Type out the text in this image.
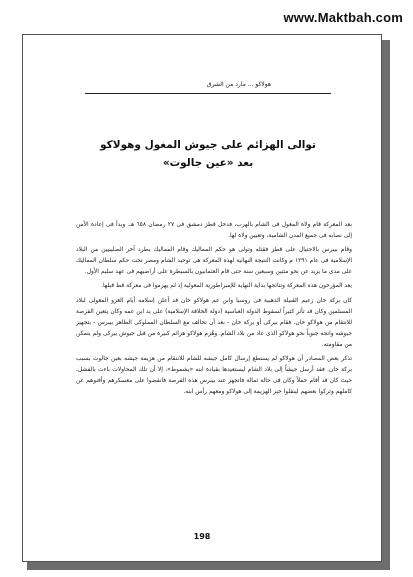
www.Maktbah.com
هولاكو ... مارد من الشرق
توالى الهزائم على جيوش المغول وهولاكو
بعد «عين جالوت»

بعد المعركة قام ولاة المغول فى الشام بالهرب، فدخل قطز دمشق فى ٢٧ رمضان ٦٥٨ هـ. وبدأ فى إعادة الأمن إلى نصابه فى جميع المدن الشامية، وتعيين ولاة لها.

وقام بيبرس بالاحتيال على قطز فقتله وتولى هو حكم المماليك وقام المماليك بطرد آخر الصليبيين من البلاد الإسلامية فى عام ١٢٩١ م وكانت النتيجة النهائية لهذه المعركة هى توحيد الشام ومصر تحت حكم سلطان المماليك على مدى ما يزيد عن نحو مئتين وسبعين سنة حتى قام العثمانيون بالسيطرة على أراضيهم فى عهد سليم الأول.

يعد المؤرخون هذه المعركة ونتائجها بداية النهاية للإمبراطورية المغولية إذ لم يهزموا فى معركة قط قبلها.

كان بركة خان زعيم القبيلة الذهبية فى روسيا وابن عم هولاكو خان قد أعلن إسلامه أيام الغزو المغولى لبلاد المسلمين وكان قد تأثر كثيراً لسقوط الدولة العباسية (دولة الخلافة الإسلامية) على يد ابن عمه وكان يتعين الفرصة للانتقام من هولاكو خان. فقام بيركى أو بركة خان - بعد أن تحالف مع السلطان المملوكى الظاهر بيبرس - بتجهيز جيوشه واتجه جنوباً نحو هولاكو الذى عاد من بلاد الشام. وهُزم هولاكو هزائم كبيرة من قبل جيوش بيركى ولم يتمكن من مقاومته.

تذكر بعض المصادر أن هولاكو لم يستطع إرسال كامل جيشه للشام للانتقام من هزيمة جيشه بعين جالوت بسبب بركة خان. فقد أرسل جيشاً إلى بلاد الشام ليستعيدها بقيادة ابنه «يشموط»، إلا أن تلك المحاولات باءت بالفشل. حيث كان قد أقام حملاً وكان فى حالة ثمالة فاتجهز عند بيبرس هذه الفرصة فانقضوا على معسكرهم وأفنوهم عن كاملهم وتركوا بعضهم لينقلوا خبر الهزيمة إلى هولاكو ومعهم رأس ابنه.

198
